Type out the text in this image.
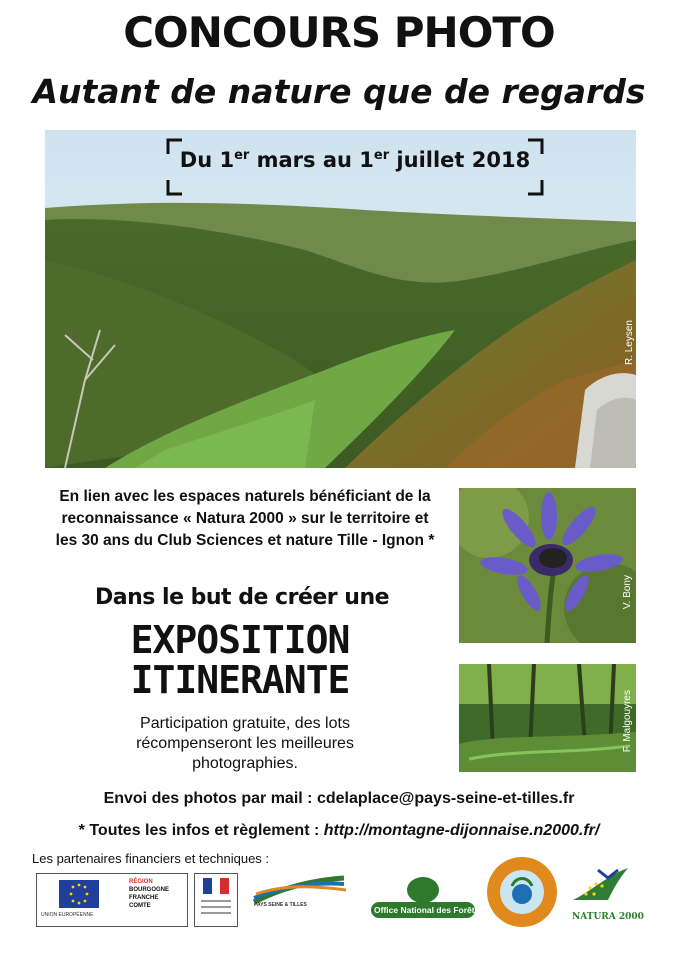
CONCOURS PHOTO
Autant de nature que de regards
R. Leysen
Du 1er mars au 1er juillet 2018
En lien avec les espaces naturels bénéficiant de la reconnaissance « Natura 2000 » sur le territoire et les 30 ans du Club Sciences et nature Tille - Ignon *
Dans le but de créer une
EXPOSITION
ITINERANTE
Participation gratuite, des lots récompenseront les meilleures photographies.
V. Bony
F. Malgouyres
Envoi des photos par mail : cdelaplace@pays-seine-et-tilles.fr
* Toutes les infos et règlement : http://montagne-dijonnaise.n2000.fr/
Les partenaires financiers et techniques :
UNION EUROPÉENNE
RÉGION
BOURGOGNE
FRANCHE
COMTE	PAYS SEINE & TILLES	Office National des Forêts
NATURA 2000
